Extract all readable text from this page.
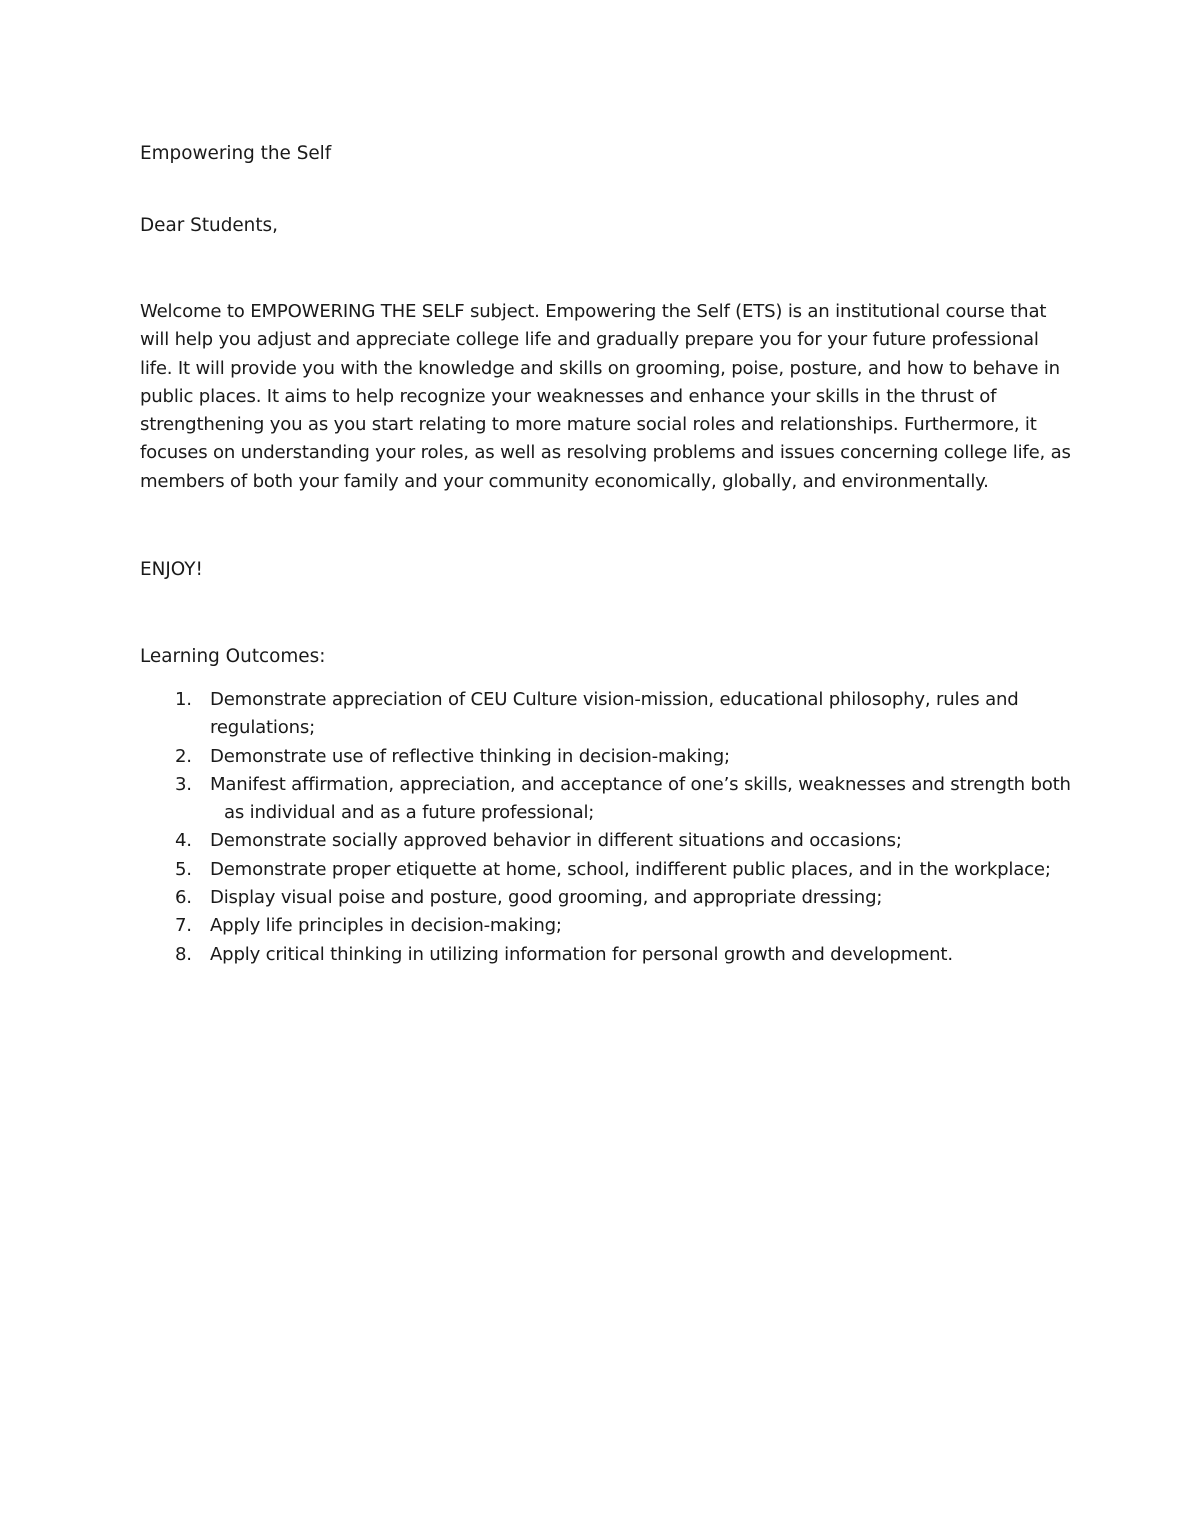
Empowering the Self

Dear Students,

Welcome to EMPOWERING THE SELF subject. Empowering the Self (ETS) is an institutional course that
will help you adjust and appreciate college life and gradually prepare you for your future professional
life. It will provide you with the knowledge and skills on grooming, poise, posture, and how to behave in
public places. It aims to help recognize your weaknesses and enhance your skills in the thrust of
strengthening you as you start relating to more mature social roles and relationships. Furthermore, it
focuses on understanding your roles, as well as resolving problems and issues concerning college life, as
members of both your family and your community economically, globally, and environmentally.

ENJOY!

Learning Outcomes:

1. Demonstrate appreciation of CEU Culture vision-mission, educational philosophy, rules and
regulations;
2. Demonstrate use of reflective thinking in decision-making;
3. Manifest affirmation, appreciation, and acceptance of one’s skills, weaknesses and strength both
as individual and as a future professional;
4. Demonstrate socially approved behavior in different situations and occasions;
5. Demonstrate proper etiquette at home, school, indifferent public places, and in the workplace;
6. Display visual poise and posture, good grooming, and appropriate dressing;
7. Apply life principles in decision-making;
8. Apply critical thinking in utilizing information for personal growth and development.
